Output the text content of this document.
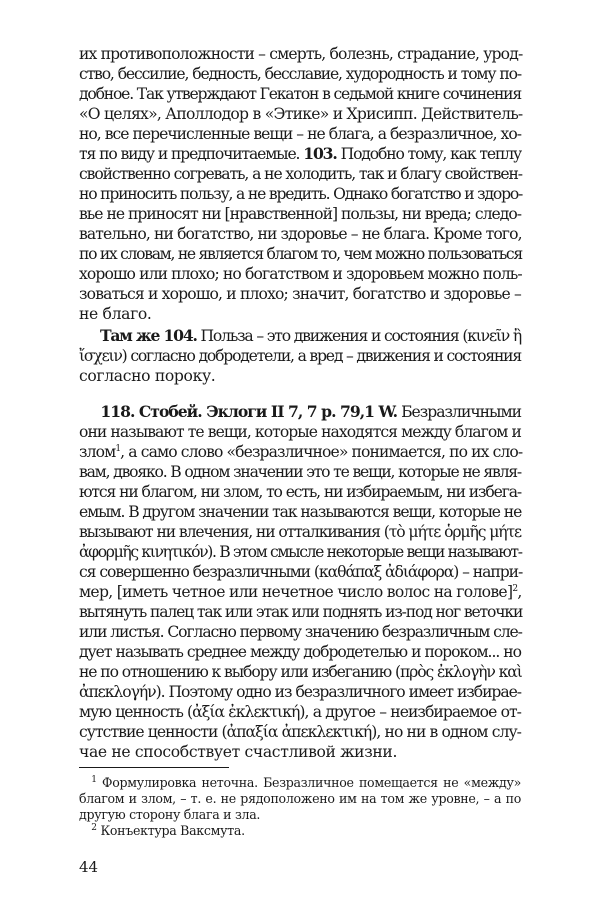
их противоположности – смерть, болезнь, страдание, урод-
ство, бессилие, бедность, бесславие, худородность и тому по-
добное. Так утверждают Гекатон в седьмой книге сочинения
«О целях», Аполлодор в «Этике» и Хрисипп. Действитель-
но, все перечисленные вещи – не блага, а безразличное, хо-
тя по виду и предпочитаемые. 103. Подобно тому, как теплу
свойственно согревать, а не холодить, так и благу свойствен-
но приносить пользу, а не вредить. Однако богатство и здоро-
вье не приносят ни [нравственной] пользы, ни вреда; следо-
вательно, ни богатство, ни здоровье – не блага. Кроме того,
по их словам, не является благом то, чем можно пользоваться
хорошо или плохо; но богатством и здоровьем можно поль-
зоваться и хорошо, и плохо; значит, богатство и здоровье –
не благо.
  Там же 104. Польза – это движения и состояния (κινεῖν ἢ
ἴσχειν) согласно добродетели, а вред – движения и состояния
согласно пороку.
  118. Стобей. Эклоги II 7, 7 p. 79,1 W. Безразличными
они называют те вещи, которые находятся между благом и
злом$^1$, а само слово «безразличное» понимается, по их сло-
вам, двояко. В одном значении это те вещи, которые не явля-
ются ни благом, ни злом, то есть, ни избираемым, ни избега-
емым. В другом значении так называются вещи, которые не
вызывают ни влечения, ни отталкивания (τὸ μήτε ὁρμῆς μήτε
ἀφορμῆς κινητικόν). В этом смысле некоторые вещи называют-
ся совершенно безразличными (καθάπαξ ἀδιάφορα) – напри-
мер, [иметь четное или нечетное число волос на голове]$^2$,
вытянуть палец так или этак или поднять из-под ног веточки
или листья. Согласно первому значению безразличным сле-
дует называть среднее между добродетелью и пороком... но
не по отношению к выбору или избеганию (πρὸς ἐκλογὴν καὶ
ἀπεκλογήν). Поэтому одно из безразличного имеет избирае-
мую ценность (ἀξία ἐκλεκτική), а другое – неизбираемое от-
сутствие ценности (ἀπαξία ἀπεκλεκτική), но ни в одном слу-
чае не способствует счастливой жизни.
 $^1$ Формулировка неточна. Безразличное помещается не «между»
благом и злом, – т. е. не рядоположено им на том же уровне, – а по
другую сторону блага и зла.
 $^2$ Конъектура Ваксмута.
44
